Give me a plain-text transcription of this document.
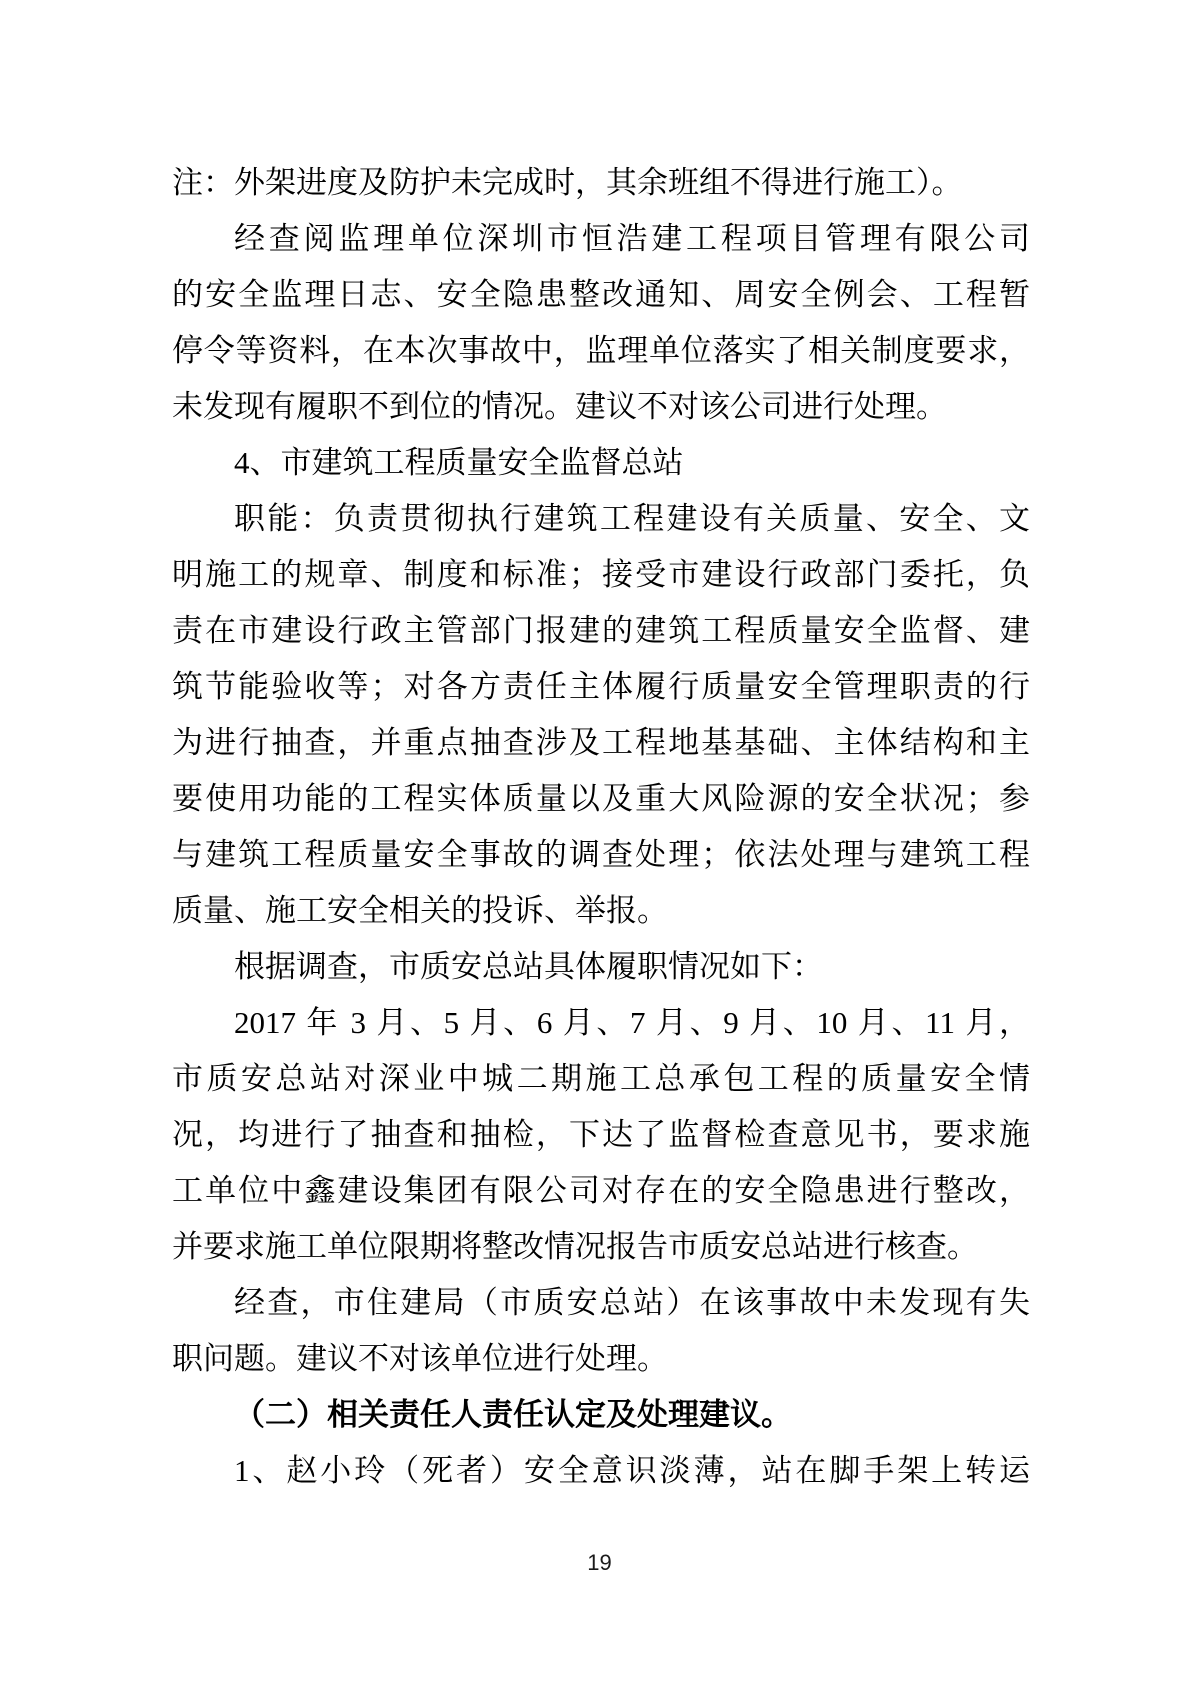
注：外架进度及防护未完成时，其余班组不得进行施工）。
经查阅监理单位深圳市恒浩建工程项目管理有限公司
的安全监理日志、安全隐患整改通知、周安全例会、工程暂
停令等资料，在本次事故中，监理单位落实了相关制度要求，
未发现有履职不到位的情况。建议不对该公司进行处理。
4、市建筑工程质量安全监督总站
职能：负责贯彻执行建筑工程建设有关质量、安全、文
明施工的规章、制度和标准；接受市建设行政部门委托，负
责在市建设行政主管部门报建的建筑工程质量安全监督、建
筑节能验收等；对各方责任主体履行质量安全管理职责的行
为进行抽查，并重点抽查涉及工程地基基础、主体结构和主
要使用功能的工程实体质量以及重大风险源的安全状况；参
与建筑工程质量安全事故的调查处理；依法处理与建筑工程
质量、施工安全相关的投诉、举报。
根据调查，市质安总站具体履职情况如下：
2017 年 3 月、5 月、6 月、7 月、9 月、10 月、11 月，
市质安总站对深业中城二期施工总承包工程的质量安全情
况，均进行了抽查和抽检，下达了监督检查意见书，要求施
工单位中鑫建设集团有限公司对存在的安全隐患进行整改，
并要求施工单位限期将整改情况报告市质安总站进行核查。
经查，市住建局（市质安总站）在该事故中未发现有失
职问题。建议不对该单位进行处理。
（二）相关责任人责任认定及处理建议。
1、赵小玲（死者）安全意识淡薄，站在脚手架上转运
19
